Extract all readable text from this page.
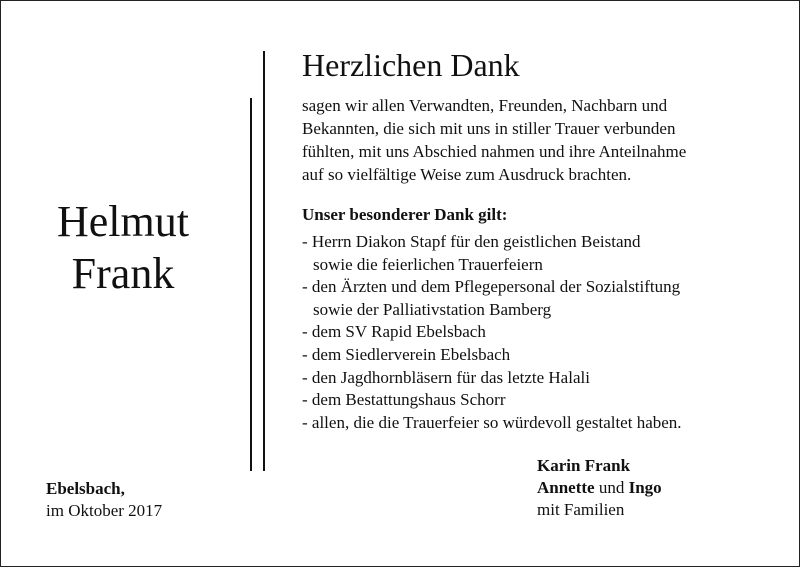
Helmut
Frank
Herzlichen Dank
sagen wir allen Verwandten, Freunden, Nachbarn und
Bekannten, die sich mit uns in stiller Trauer verbunden
fühlten, mit uns Abschied nahmen und ihre Anteilnahme
auf so vielfältige Weise zum Ausdruck brachten.
Unser besonderer Dank gilt:
- Herrn Diakon Stapf für den geistlichen Beistand
sowie die feierlichen Trauerfeiern
- den Ärzten und dem Pflegepersonal der Sozialstiftung
sowie der Palliativstation Bamberg
- dem SV Rapid Ebelsbach
- dem Siedlerverein Ebelsbach
- den Jagdhornbläsern für das letzte Halali
- dem Bestattungshaus Schorr
- allen, die die Trauerfeier so würdevoll gestaltet haben.
Ebelsbach,
im Oktober 2017
Karin Frank
Annette und Ingo
mit Familien
